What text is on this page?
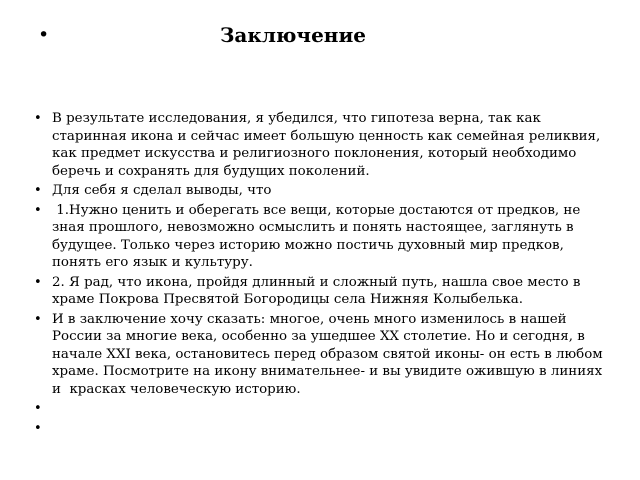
•	Заключение
• В результате исследования, я убедился, что гипотеза верна, так как старинная икона и сейчас имеет большую ценность как семейная реликвия, как предмет искусства и религиозного поклонения, который необходимо беречь и сохранять для будущих поколений.
• Для себя я сделал выводы, что
• 1.Нужно ценить и оберегать все вещи, которые достаются от предков, не зная прошлого, невозможно осмыслить и понять настоящее, заглянуть в будущее. Только через историю можно постичь духовный мир предков, понять его язык и культуру.
• 2. Я рад, что икона, пройдя длинный и сложный путь, нашла свое место в храме Покрова Пресвятой Богородицы села Нижняя Колыбелька.
• И в заключение хочу сказать: многое, очень много изменилось в нашей России за многие века, особенно за ушедшее XX столетие. Но и сегодня, в начале XXI века, остановитесь перед образом святой иконы- он есть в любом храме. Посмотрите на икону внимательнее- и вы увидите ожившую в линиях и  красках человеческую историю.
•
•
